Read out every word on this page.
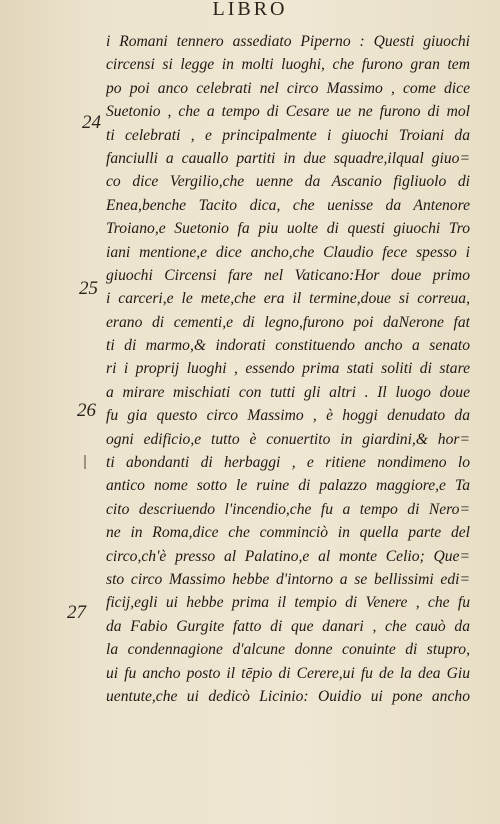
LIBRO
24
25
26
27
i Romani tennero assediato Piperno : Questi giuochi
circensi si legge in molti luoghi, che furono gran tem
po poi anco celebrati nel circo Massimo , come dice
Suetonio , che a tempo di Cesare ue ne furono di mol
ti celebrati , e principalmente i giuochi Troiani da
fanciulli a cauallo partiti in due squadre,ilqual giuo=
co dice Vergilio,che uenne da Ascanio figliuolo di
Enea,benche Tacito dica, che uenisse da Antenore
Troiano,e Suetonio fa piu uolte di questi giuochi Tro
iani mentione,e dice ancho,che Claudio fece spesso i
giuochi Circensi fare nel Vaticano:Hor doue primo
i carceri,e le mete,che era il termine,doue si correua,
erano di cementi,e di legno,furono poi daNerone fat
ti di marmo,& indorati constituendo ancho a senato
ri i proprij luoghi , essendo prima stati soliti di stare
a mirare mischiati con tutti gli altri . Il luogo doue
fu gia questo circo Massimo , è hoggi denudato da
ogni edificio,e tutto è conuertito in giardini,& hor=
ti abondanti di herbaggi , e ritiene nondimeno lo
antico nome sotto le ruine di palazzo maggiore,e Ta
cito descriuendo l'incendio,che fu a tempo di Nero=
ne in Roma,dice che comminciò in quella parte del
circo,ch'è presso al Palatino,e al monte Celio; Que=
sto circo Massimo hebbe d'intorno a se bellissimi edi=
ficij,egli ui hebbe prima il tempio di Venere , che fu
da Fabio Gurgite fatto di que danari , che cauò da
la condennagione d'alcune donne conuinte di stupro,
ui fu ancho posto il tēpio di Cerere,ui fu de la dea Giu
uentute,che ui dedicò Licinio: Ouidio ui pone ancho
